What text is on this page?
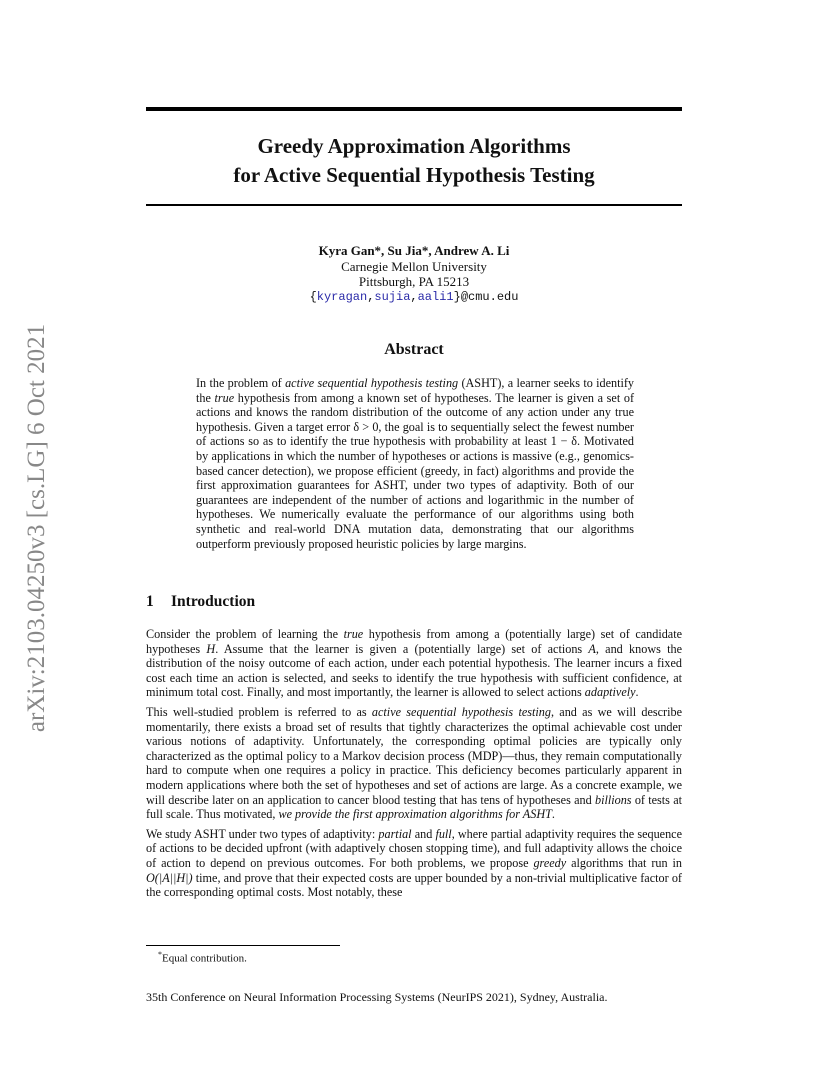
arXiv:2103.04250v3 [cs.LG] 6 Oct 2021
Greedy Approximation Algorithms
for Active Sequential Hypothesis Testing
Kyra Gan*, Su Jia*, Andrew A. Li
Carnegie Mellon University
Pittsburgh, PA 15213
{kyragan,sujia,aali1}@cmu.edu
Abstract
In the problem of active sequential hypothesis testing (ASHT), a learner seeks to identify the true hypothesis from among a known set of hypotheses. The learner is given a set of actions and knows the random distribution of the outcome of any action under any true hypothesis. Given a target error δ > 0, the goal is to sequentially select the fewest number of actions so as to identify the true hypothesis with probability at least 1 − δ. Motivated by applications in which the number of hypotheses or actions is massive (e.g., genomics-based cancer detection), we propose efficient (greedy, in fact) algorithms and provide the first approximation guarantees for ASHT, under two types of adaptivity. Both of our guarantees are independent of the number of actions and logarithmic in the number of hypotheses. We numerically evaluate the performance of our algorithms using both synthetic and real-world DNA mutation data, demonstrating that our algorithms outperform previously proposed heuristic policies by large margins.
1 Introduction

Consider the problem of learning the true hypothesis from among a (potentially large) set of candidate hypotheses H. Assume that the learner is given a (potentially large) set of actions A, and knows the distribution of the noisy outcome of each action, under each potential hypothesis. The learner incurs a fixed cost each time an action is selected, and seeks to identify the true hypothesis with sufficient confidence, at minimum total cost. Finally, and most importantly, the learner is allowed to select actions adaptively.

This well-studied problem is referred to as active sequential hypothesis testing, and as we will describe momentarily, there exists a broad set of results that tightly characterizes the optimal achievable cost under various notions of adaptivity. Unfortunately, the corresponding optimal policies are typically only characterized as the optimal policy to a Markov decision process (MDP)—thus, they remain computationally hard to compute when one requires a policy in practice. This deficiency becomes particularly apparent in modern applications where both the set of hypotheses and set of actions are large. As a concrete example, we will describe later on an application to cancer blood testing that has tens of hypotheses and billions of tests at full scale. Thus motivated, we provide the first approximation algorithms for ASHT.

We study ASHT under two types of adaptivity: partial and full, where partial adaptivity requires the sequence of actions to be decided upfront (with adaptively chosen stopping time), and full adaptivity allows the choice of action to depend on previous outcomes. For both problems, we propose greedy algorithms that run in O(|A||H|) time, and prove that their expected costs are upper bounded by a non-trivial multiplicative factor of the corresponding optimal costs. Most notably, these

*Equal contribution.
35th Conference on Neural Information Processing Systems (NeurIPS 2021), Sydney, Australia.
